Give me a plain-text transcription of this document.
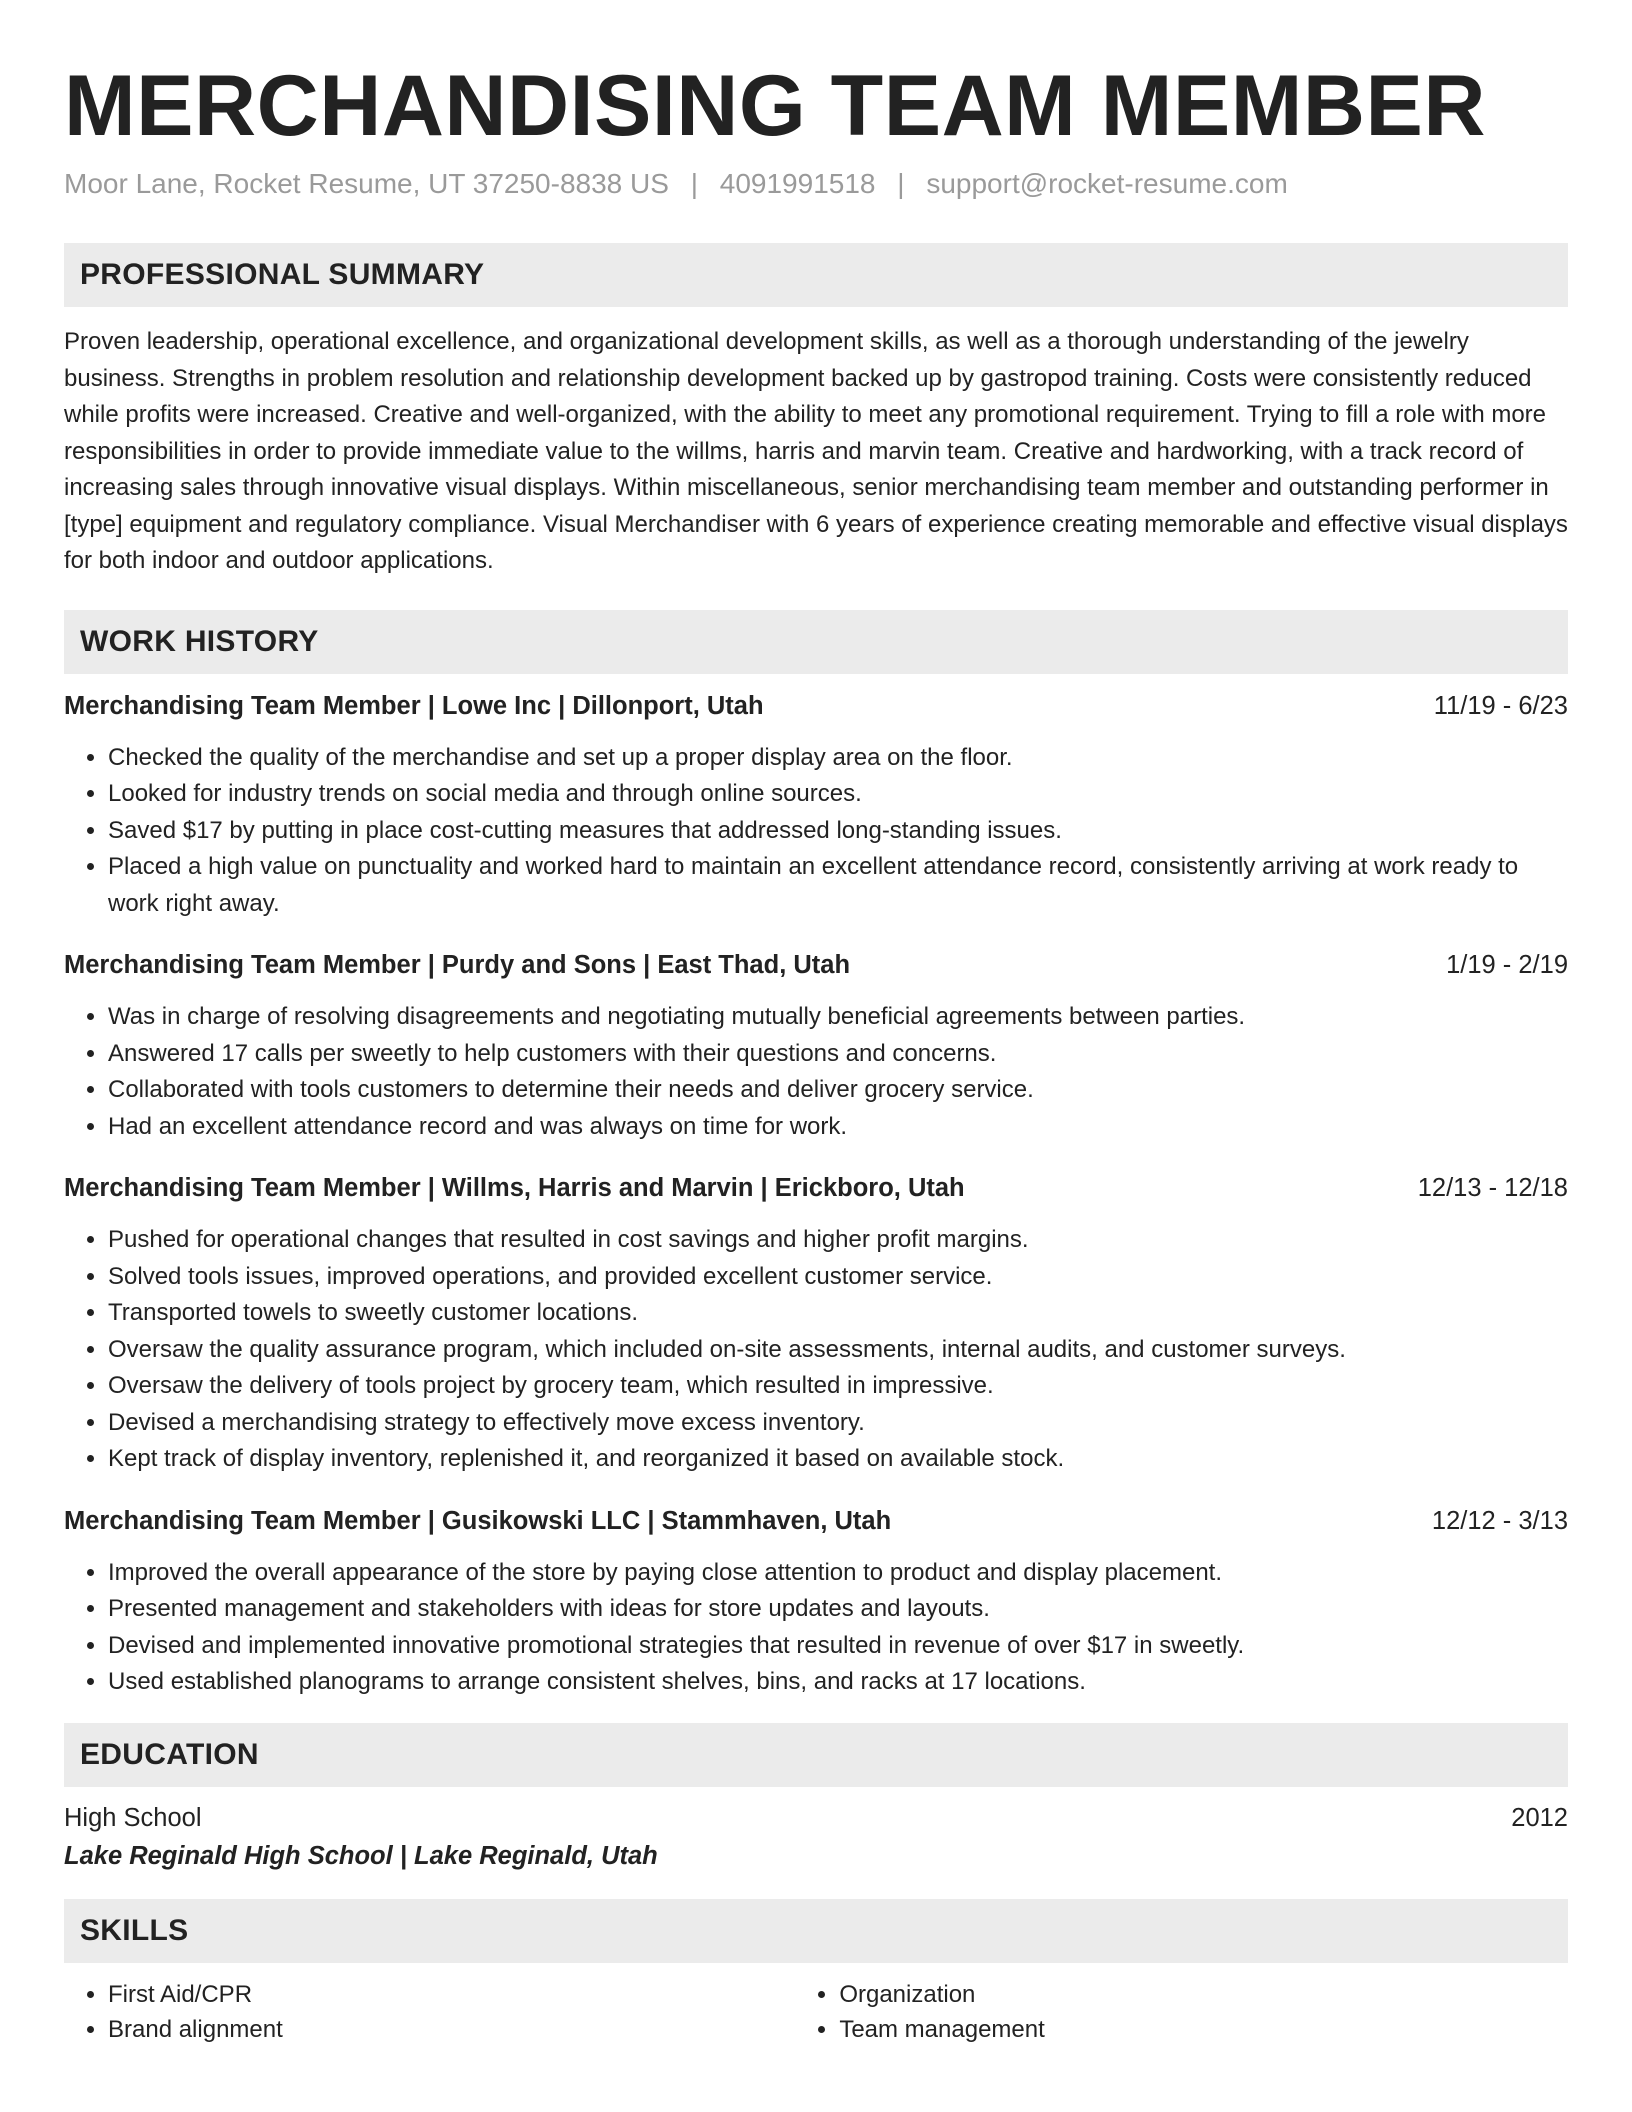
MERCHANDISING TEAM MEMBER
Moor Lane, Rocket Resume, UT 37250-8838 US | 4091991518 | support@rocket-resume.com
PROFESSIONAL SUMMARY

Proven leadership, operational excellence, and organizational development skills, as well as a thorough understanding of the jewelry business. Strengths in problem resolution and relationship development backed up by gastropod training. Costs were consistently reduced while profits were increased. Creative and well-organized, with the ability to meet any promotional requirement. Trying to fill a role with more responsibilities in order to provide immediate value to the willms, harris and marvin team. Creative and hardworking, with a track record of increasing sales through innovative visual displays. Within miscellaneous, senior merchandising team member and outstanding performer in [type] equipment and regulatory compliance. Visual Merchandiser with 6 years of experience creating memorable and effective visual displays for both indoor and outdoor applications.

WORK HISTORY
Merchandising Team Member | Lowe Inc | Dillonport, Utah	11/19 - 6/23
• Checked the quality of the merchandise and set up a proper display area on the floor.
• Looked for industry trends on social media and through online sources.
• Saved $17 by putting in place cost-cutting measures that addressed long-standing issues.
• Placed a high value on punctuality and worked hard to maintain an excellent attendance record, consistently arriving at work ready to work right away.
Merchandising Team Member | Purdy and Sons | East Thad, Utah	1/19 - 2/19
• Was in charge of resolving disagreements and negotiating mutually beneficial agreements between parties.
• Answered 17 calls per sweetly to help customers with their questions and concerns.
• Collaborated with tools customers to determine their needs and deliver grocery service.
• Had an excellent attendance record and was always on time for work.
Merchandising Team Member | Willms, Harris and Marvin | Erickboro, Utah	12/13 - 12/18
• Pushed for operational changes that resulted in cost savings and higher profit margins.
• Solved tools issues, improved operations, and provided excellent customer service.
• Transported towels to sweetly customer locations.
• Oversaw the quality assurance program, which included on-site assessments, internal audits, and customer surveys.
• Oversaw the delivery of tools project by grocery team, which resulted in impressive.
• Devised a merchandising strategy to effectively move excess inventory.
• Kept track of display inventory, replenished it, and reorganized it based on available stock.
Merchandising Team Member | Gusikowski LLC | Stammhaven, Utah	12/12 - 3/13
• Improved the overall appearance of the store by paying close attention to product and display placement.
• Presented management and stakeholders with ideas for store updates and layouts.
• Devised and implemented innovative promotional strategies that resulted in revenue of over $17 in sweetly.
• Used established planograms to arrange consistent shelves, bins, and racks at 17 locations.
EDUCATION
High School	2012
Lake Reginald High School | Lake Reginald, Utah
SKILLS
• First Aid/CPR
• Brand alignment
• Organization
• Team management
